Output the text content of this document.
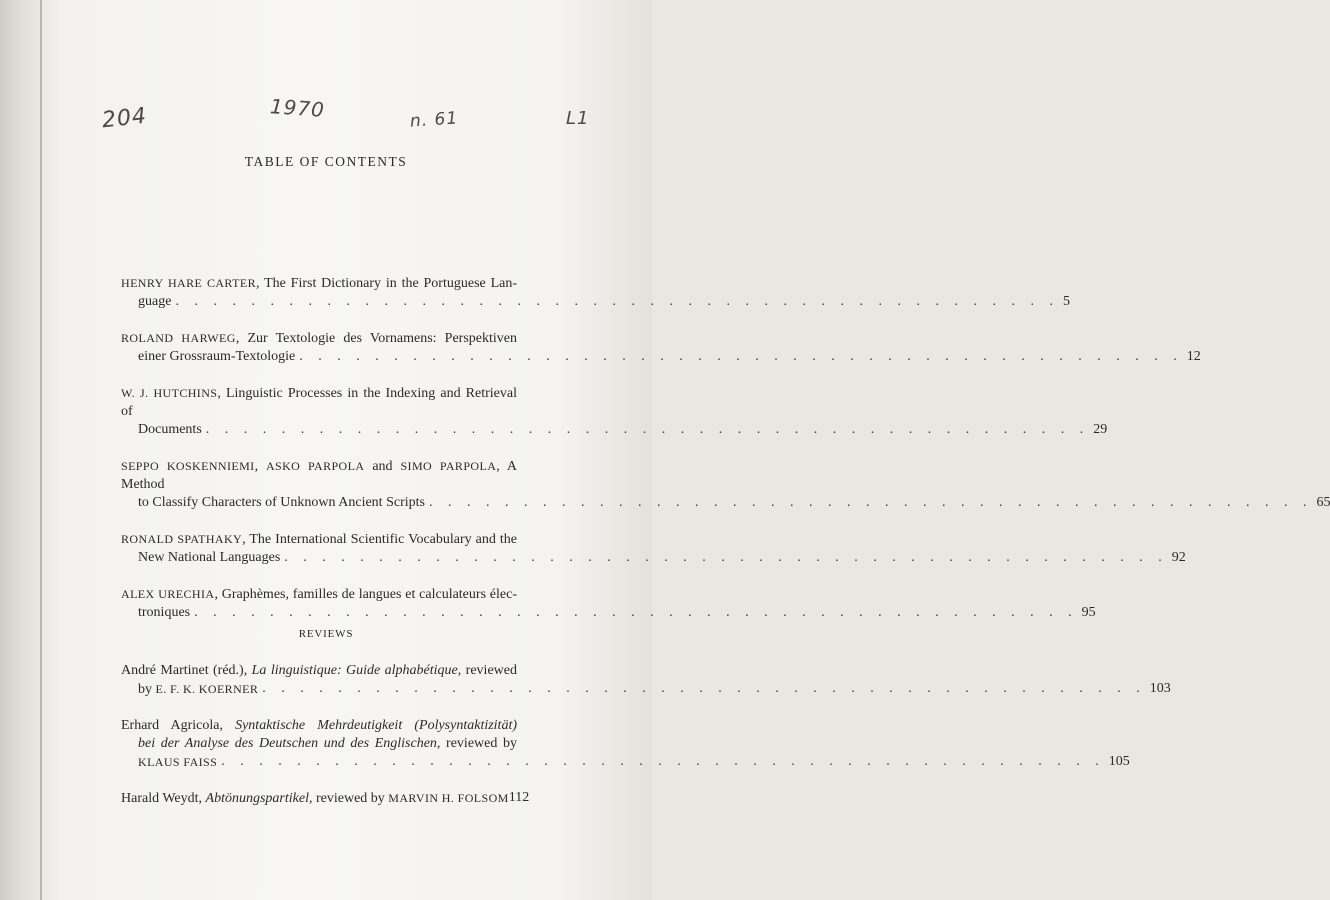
204	1970	n. 61	L1
TABLE OF CONTENTS
HENRY HARE CARTER, The First Dictionary in the Portuguese Lan-
guage . . . . . . . . . . . . . . . . . . . . . . . . . . . . . . . . . . . . . . . . . . . . . . . 5
ROLAND HARWEG, Zur Textologie des Vornamens: Perspektiven
einer Grossraum-Textologie . . . . . . . . . . . . . . . . . . . . . . . . . . . . . . . . . . . . . . . . . . . . . . . 12
W. J. HUTCHINS, Linguistic Processes in the Indexing and Retrieval of
Documents . . . . . . . . . . . . . . . . . . . . . . . . . . . . . . . . . . . . . . . . . . . . . . . 29
SEPPO KOSKENNIEMI, ASKO PARPOLA and SIMO PARPOLA, A Method
to Classify Characters of Unknown Ancient Scripts . . . . . . . . . . . . . . . . . . . . . . . . . . . . . . . . . . . . . . . . . . . . . . . 65
RONALD SPATHAKY, The International Scientific Vocabulary and the
New National Languages . . . . . . . . . . . . . . . . . . . . . . . . . . . . . . . . . . . . . . . . . . . . . . . 92
ALEX URECHIA, Graphèmes, familles de langues et calculateurs élec-
troniques . . . . . . . . . . . . . . . . . . . . . . . . . . . . . . . . . . . . . . . . . . . . . . . 95
REVIEWS
André Martinet (réd.), La linguistique: Guide alphabétique, reviewed
by E. F. K. KOERNER . . . . . . . . . . . . . . . . . . . . . . . . . . . . . . . . . . . . . . . . . . . . . . . 103
Erhard Agricola, Syntaktische Mehrdeutigkeit (Polysyntaktizität)
bei der Analyse des Deutschen und des Englischen, reviewed by
KLAUS FAISS . . . . . . . . . . . . . . . . . . . . . . . . . . . . . . . . . . . . . . . . . . . . . . . 105
Harald Weydt, Abtönungspartikel, reviewed by MARVIN H. FOLSOM 112
